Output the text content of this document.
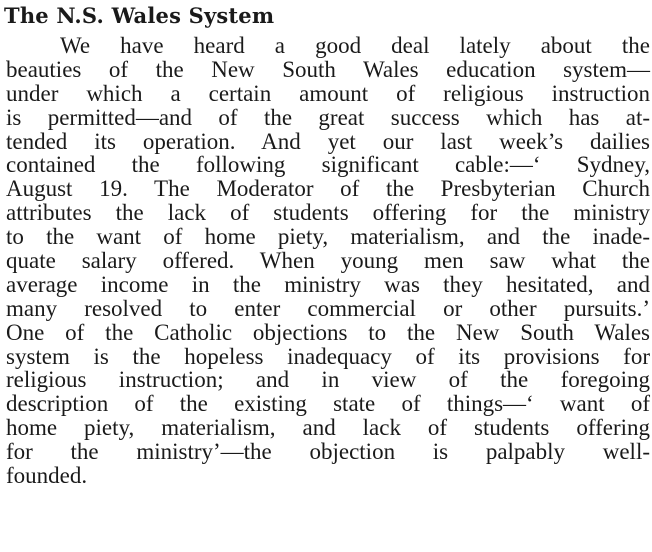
The N.S. Wales System
We have heard a good deal lately about the
beauties of the New South Wales education system—
under which a certain amount of religious instruction
is permitted—and of the great success which has at-
tended its operation. And yet our last week’s dailies
contained the following significant cable:—‘ Sydney,
August 19. The Moderator of the Presbyterian Church
attributes the lack of students offering for the ministry
to the want of home piety, materialism, and the inade-
quate salary offered. When young men saw what the
average income in the ministry was they hesitated, and
many resolved to enter commercial or other pursuits.’
One of the Catholic objections to the New South Wales
system is the hopeless inadequacy of its provisions for
religious instruction; and in view of the foregoing
description of the existing state of things—‘ want of
home piety, materialism, and lack of students offering
for the ministry’—the objection is palpably well-
founded.
